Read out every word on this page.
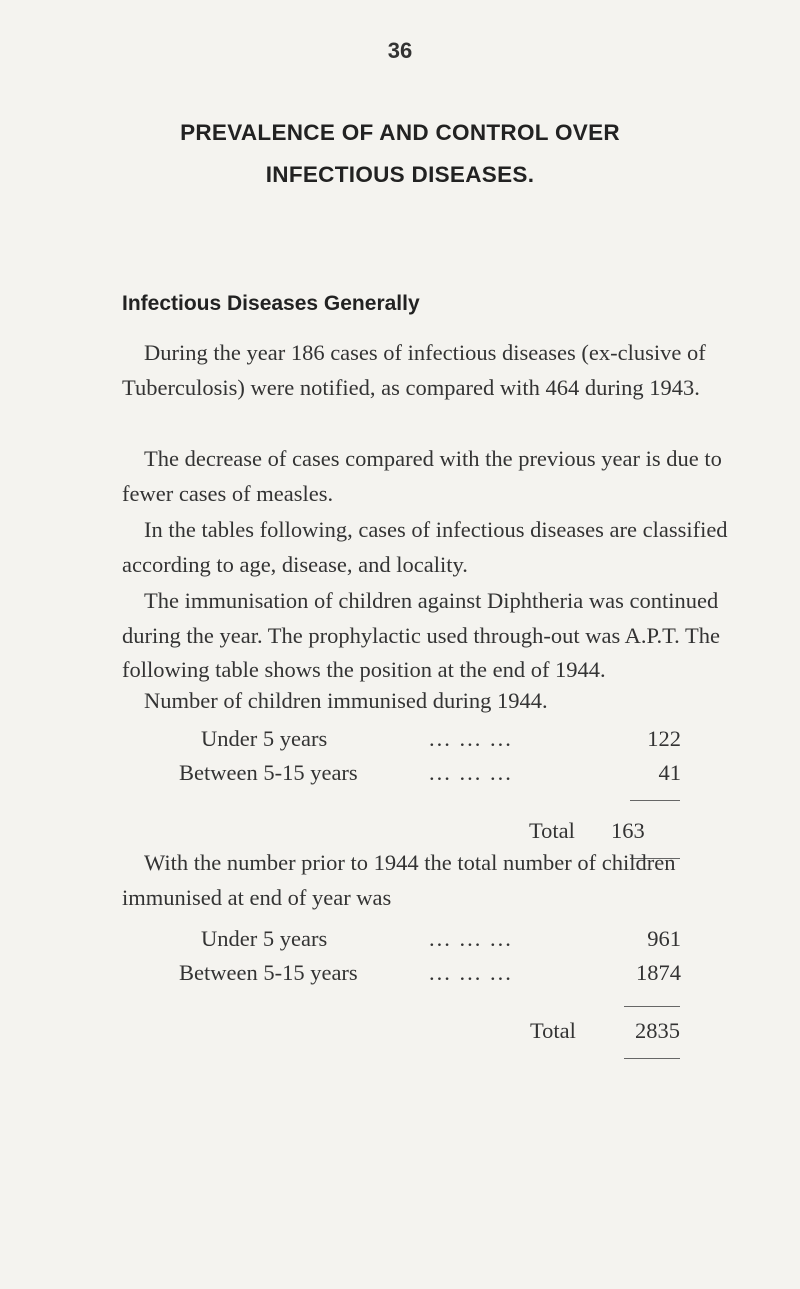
36
PREVALENCE OF AND CONTROL OVER
INFECTIOUS DISEASES.
Infectious Diseases Generally

During the year 186 cases of infectious diseases (ex-clusive of Tuberculosis) were notified, as compared with 464 during 1943.

The decrease of cases compared with the previous year is due to fewer cases of measles.

In the tables following, cases of infectious diseases are classified according to age, disease, and locality.

The immunisation of children against Diphtheria was continued during the year. The prophylactic used through-out was A.P.T. The following table shows the position at the end of 1944.

Number of children immunised during 1944.
Under 5 years	... ... ...	122
Between 5-15 years	... ... ...	41
Total 163

With the number prior to 1944 the total number of children immunised at end of year was

Under 5 years	... ... ...	961
Between 5-15 years	... ... ...	1874
Total	2835
